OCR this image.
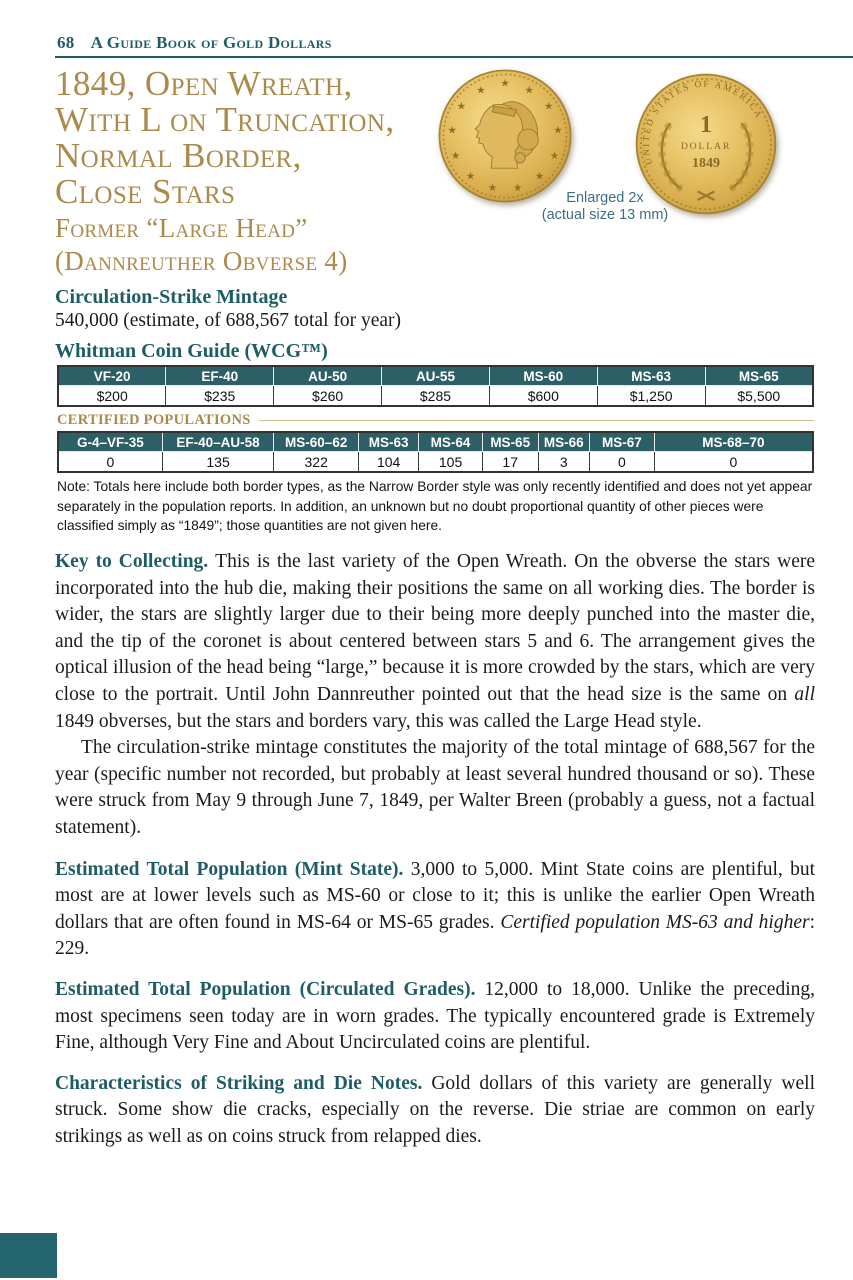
68 A Guide Book of Gold Dollars
1849, Open Wreath,
With L on Truncation,
Normal Border,
Close Stars
Former “Large Head”
(Dannreuther Obverse 4)
★
★
★
★
★
★
★
★
★
★
★
★
★
UNITED STATES OF AMERICA
1
DOLLAR
1849
Enlarged 2x
(actual size 13 mm)
Circulation-Strike Mintage
540,000 (estimate, of 688,567 total for year)
Whitman Coin Guide (WCG™)
VF-20	EF-40	AU-50	AU-55	MS-60	MS-63	MS-65
$200	$235	$260	$285	$600	$1,250	$5,500
CERTIFIED POPULATIONS
G-4–VF-35	EF-40–AU-58	MS-60–62	MS-63	MS-64	MS-65	MS-66	MS-67	MS-68–70
0	135	322	104	105	17	3	0	0
Note: Totals here include both border types, as the Narrow Border style was only recently identified and does not yet appear separately in the population reports. In addition, an unknown but no doubt proportional quantity of other pieces were classified simply as “1849”; those quantities are not given here.

Key to Collecting. This is the last variety of the Open Wreath. On the obverse the stars were incorporated into the hub die, making their positions the same on all working dies. The border is wider, the stars are slightly larger due to their being more deeply punched into the master die, and the tip of the coronet is about centered between stars 5 and 6. The arrangement gives the optical illusion of the head being “large,” because it is more crowded by the stars, which are very close to the portrait. Until John Dannreuther pointed out that the head size is the same on all 1849 obverses, but the stars and borders vary, this was called the Large Head style.

The circulation-strike mintage constitutes the majority of the total mintage of 688,567 for the year (specific number not recorded, but probably at least several hundred thousand or so). These were struck from May 9 through June 7, 1849, per Walter Breen (probably a guess, not a factual statement).

Estimated Total Population (Mint State). 3,000 to 5,000. Mint State coins are plentiful, but most are at lower levels such as MS-60 or close to it; this is unlike the earlier Open Wreath dollars that are often found in MS-64 or MS-65 grades. Certified population MS-63 and higher: 229.

Estimated Total Population (Circulated Grades). 12,000 to 18,000. Unlike the preceding, most specimens seen today are in worn grades. The typically encountered grade is Extremely Fine, although Very Fine and About Uncirculated coins are plentiful.

Characteristics of Striking and Die Notes. Gold dollars of this variety are generally well struck. Some show die cracks, especially on the reverse. Die striae are common on early strikings as well as on coins struck from relapped dies.
